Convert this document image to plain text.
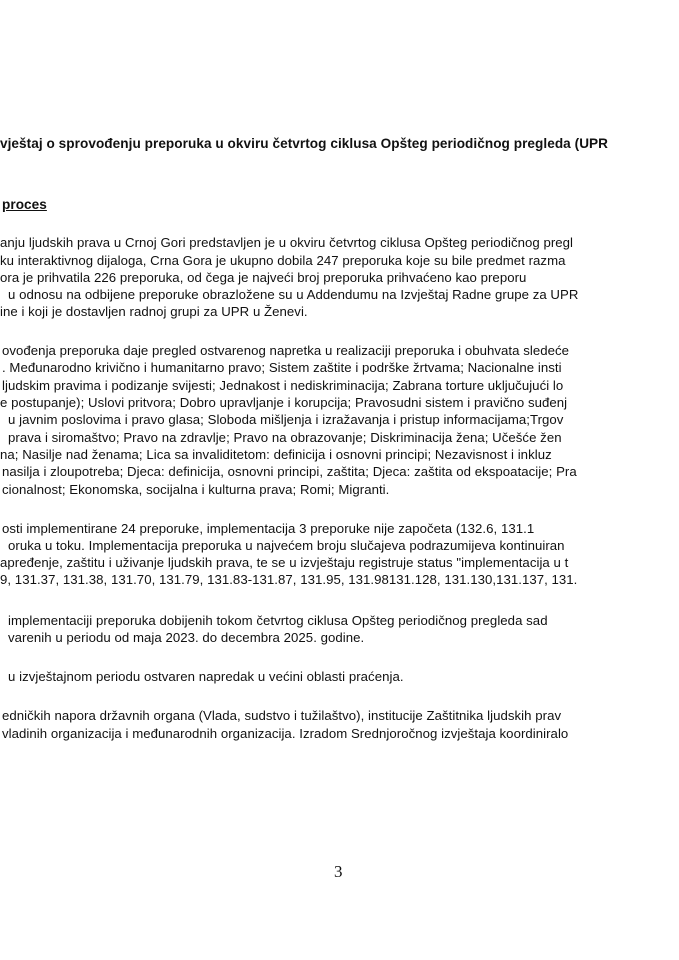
vještaj o sprovođenju preporuka u okviru četvrtog ciklusa Opšteg periodičnog pregleda (UPR
proces
anju ljudskih prava u Crnoj Gori predstavljen je u okviru četvrtog ciklusa Opšteg periodičnog pregl
ku interaktivnog dijaloga, Crna Gora je ukupno dobila 247 preporuka koje su bile predmet razma
ora je prihvatila 226 preporuka, od čega je najveći broj preporuka prihvaćeno kao preporu
u odnosu na odbijene preporuke obrazložene su u Addendumu na Izvještaj Radne grupe za UPR
ine i koji je dostavljen radnoj grupi za UPR u Ženevi.
ovođenja preporuka daje pregled ostvarenog napretka u realizaciji preporuka i obuhvata sledeće
. Međunarodno krivično i humanitarno pravo; Sistem zaštite i podrške žrtvama; Nacionalne insti
ljudskim pravima i podizanje svijesti; Jednakost i nediskriminacija; Zabrana torture uključujući lo
e postupanje); Uslovi pritvora; Dobro upravljanje i korupcija; Pravosudni sistem i pravično suđenj
u javnim poslovima i pravo glasa; Sloboda mišljenja i izražavanja i pristup informacijama;Trgov
prava i siromaštvo; Pravo na zdravlje; Pravo na obrazovanje; Diskriminacija žena; Učešće žen
na; Nasilje nad ženama; Lica sa invaliditetom: definicija i osnovni principi; Nezavisnost i inkluz
nasilja i zloupotreba; Djeca: definicija, osnovni principi, zaštita; Djeca: zaštita od ekspoatacije; Pra
cionalnost; Ekonomska, socijalna i kulturna prava; Romi; Migranti.
osti implementirane 24 preporuke, implementacija 3 preporuke nije započeta (132.6, 131.1
oruka u toku. Implementacija preporuka u najvećem broju slučajeva podrazumijeva kontinuiran
apređenje, zaštitu i uživanje ljudskih prava, te se u izvještaju registruje status "implementacija u t
9, 131.37, 131.38, 131.70, 131.79, 131.83-131.87, 131.95, 131.98131.128, 131.130,131.137, 131.
implementaciji preporuka dobijenih tokom četvrtog ciklusa Opšteg periodičnog pregleda sad
varenih u periodu od maja 2023. do decembra 2025. godine.
u izvještajnom periodu ostvaren napredak u većini oblasti praćenja.
edničkih napora državnih organa (Vlada, sudstvo i tužilaštvo), institucije Zaštitnika ljudskih prav
vladinih organizacija i međunarodnih organizacija. Izradom Srednjoročnog izvještaja koordiniralo
3
